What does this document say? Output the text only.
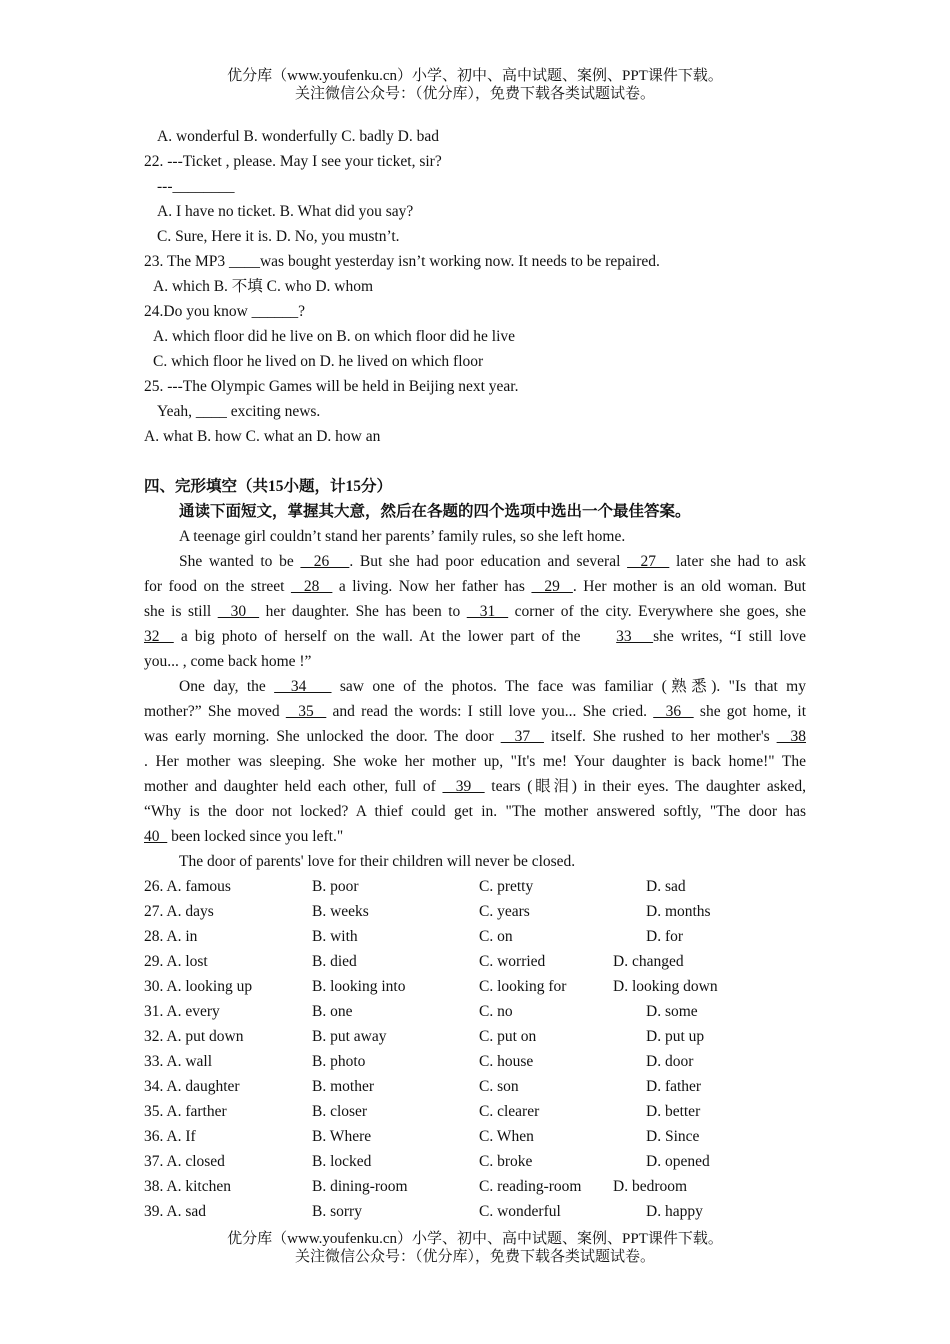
优分库（www.youfenku.cn）小学、初中、高中试题、案例、PPT课件下载。
关注微信公众号：（优分库），免费下载各类试题试卷。
A. wonderful B. wonderfully C. badly D. bad
22. ---Ticket , please. May I see your ticket, sir?
---________
A. I have no ticket. B. What did you say?
C. Sure, Here it is. D. No, you mustn’t.
23. The MP3 ____was bought yesterday isn’t working now. It needs to be repaired.
A. which B. 不填 C. who D. whom
24.Do you know ______?
A. which floor did he live on B. on which floor did he live
C. which floor he lived on D. he lived on which floor
25. ---The Olympic Games will be held in Beijing next year.
Yeah, ____ exciting news.
A. what B. how C. what an D. how an
四、完形填空（共15小题，计15分）
通读下面短文，掌握其大意，然后在各题的四个选项中选出一个最佳答案。
A teenage girl couldn’t stand her parents’ family rules, so she left home.
She wanted to be   26   . But she had poor education and several   27   later she had to ask
for food on the street   28   a living. Now her father has   29  . Her mother is an old woman. But
she is still   30   her daughter. She has been to   31   corner of the city. Everywhere she goes, she
32   a big photo of herself on the wall. At the lower part of the     33   she writes, “I still love
you... , come back home !”
One day, the   34    saw one of the photos. The face was familiar (熟悉). "Is that my
mother?” She moved   35   and read the words: I still love you... She cried.   36   she got home, it
was early morning. She unlocked the door. The door   37   itself. She rushed to her mother's   38
. Her mother was sleeping. She woke her mother up, "It's me! Your daughter is back home!" The
mother and daughter held each other, full of   39   tears (眼泪) in their eyes. The daughter asked,
“Why is the door not locked? A thief could get in. "The mother answered softly, "The door has
40   been locked since you left."
The door of parents' love for their children will never be closed.
26. A. famous	B. poor	C. pretty	D. sad
27. A. days	B. weeks	C. years	D. months
28. A. in	B. with	C. on	D. for
29. A. lost	B. died	C. worried	D. changed
30. A. looking up	B. looking into	C. looking for	D. looking down
31. A. every	B. one	C. no	D. some
32. A. put down	B. put away	C. put on	D. put up
33. A. wall	B. photo	C. house	D. door
34. A. daughter	B. mother	C. son	D. father
35. A. farther	B. closer	C. clearer	D. better
36. A. If	B. Where	C. When	D. Since
37. A. closed	B. locked	C. broke	D. opened
38. A. kitchen	B. dining-room	C. reading-room D. bedroom
39. A. sad	B. sorry	C. wonderful	D. happy
优分库（www.youfenku.cn）小学、初中、高中试题、案例、PPT课件下载。
关注微信公众号：（优分库），免费下载各类试题试卷。
